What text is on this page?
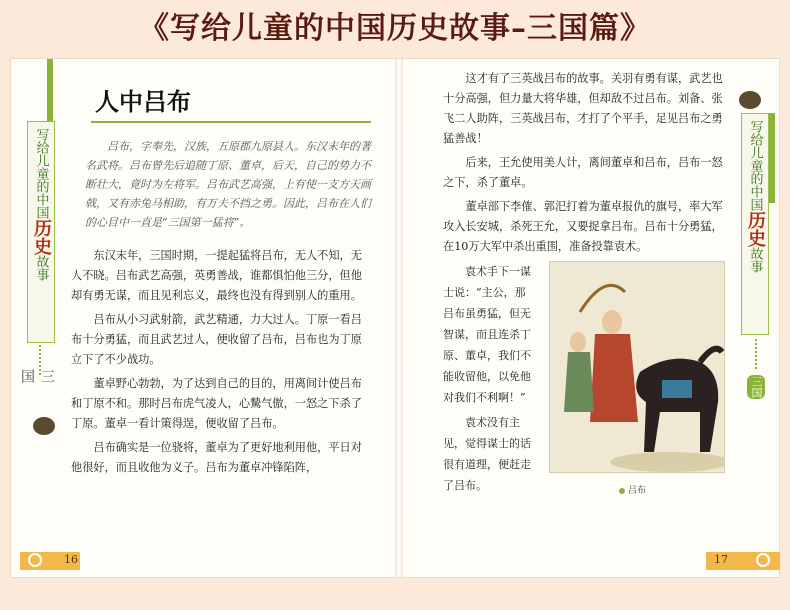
《写给儿童的中国历史故事–三国篇》
写给
儿童
的
中国
历史
故事
三国
人中吕布
吕布，字奉先，汉族，五原郡九原县人。东汉末年的著名武将。吕布曾先后追随丁原、董卓，后天，自己的势力不断壮大，竟时为左将军。吕布武艺高强，上有使一支方天画戟，又有赤兔马相助，有万夫不挡之勇。因此，吕布在人们的心目中一直是“三国第一猛将”。

东汉末年，三国时期，一提起猛将吕布，无人不知，无人不晓。吕布武艺高强，英勇善战，谁都惧怕他三分，但他却有勇无谋，而且见利忘义，最终也没有得到别人的重用。

吕布从小习武射箭，武艺精通，力大过人。丁原一看吕布十分勇猛，而且武艺过人，便收留了吕布，吕布也为丁原立下了不少战功。

董卓野心勃勃，为了达到自己的目的，用离间计使吕布和丁原不和。那时吕布虎气凌人，心騺气傲，一怒之下杀了丁原。董卓一看计策得逞，便收留了吕布。

吕布确实是一位骁将，董卓为了更好地利用他，平日对他很好，而且收他为义子。吕布为董卓冲锋陷阵，

这才有了三英战吕布的故事。关羽有勇有谋，武艺也十分高强，但力量大将华雄，但却敌不过吕布。刘备、张飞二人助阵，三英战吕布，才打了个平手，足见吕布之勇猛善战！

后来，王允使用美人计，离间董卓和吕布，吕布一怒之下，杀了董卓。

董卓部下李傕、郭汜打着为董卓报仇的旗号，率大军攻入长安城，杀死王允，又要捉拿吕布。吕布十分勇猛，在10万大军中杀出重围，准备投靠袁术。

袁术手下一谋士说：“主公，那吕布虽勇猛，但无智谋，而且连杀丁原、董卓，我们不能收留他，以免他对我们不利啊！”

袁术没有主见，觉得谋士的话很有道理，便赶走了吕布。	吕布
写给
儿童
的
中国
历史
故事
三国
16	17
